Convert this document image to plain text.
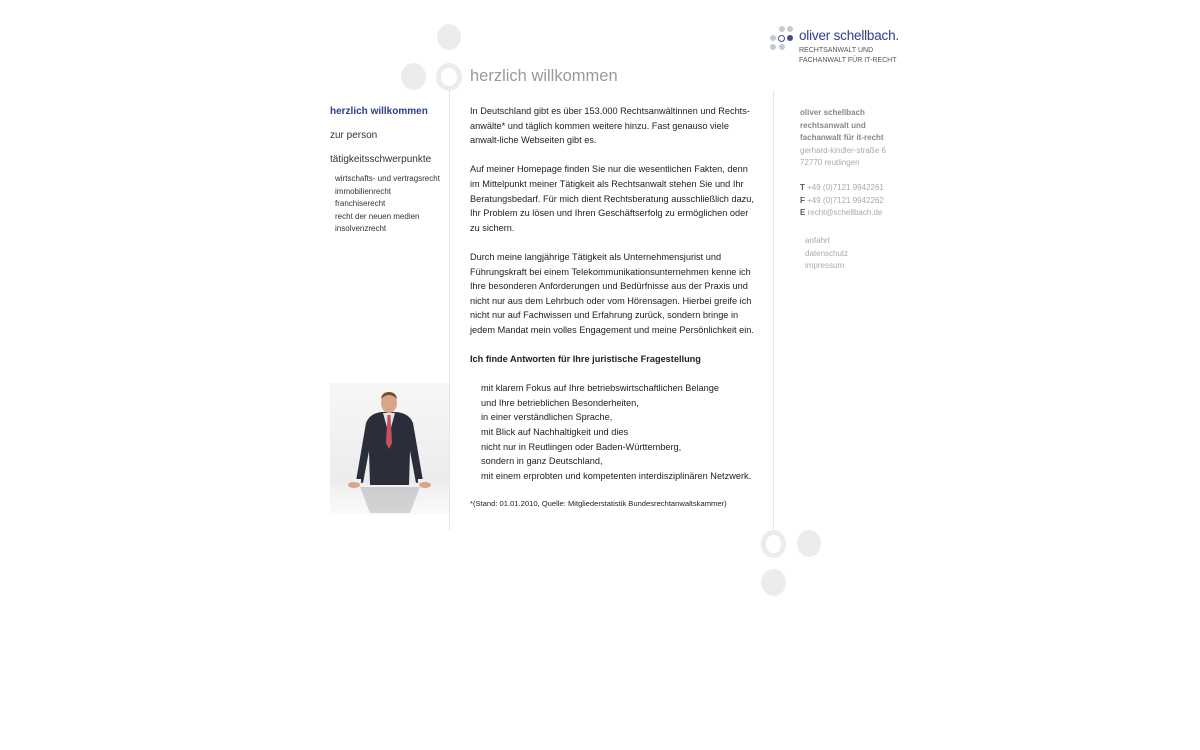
oliver schellbach.
RECHTSANWALT UND
FACHANWALT FÜR IT-RECHT
herzlich willkommen
herzlich willkommen
zur person
tätigkeitsschwerpunkte
wirtschafts- und vertragsrecht
immobilienrecht
franchiserecht
recht der neuen medien
insolvenzrecht

In Deutschland gibt es über 153.000 Rechtsanwältinnen und Rechts-anwälte* und täglich kommen weitere hinzu. Fast genauso viele anwalt-liche Webseiten gibt es.

Auf meiner Homepage finden Sie nur die wesentlichen Fakten, denn im Mittelpunkt meiner Tätigkeit als Rechtsanwalt stehen Sie und Ihr Beratungsbedarf. Für mich dient Rechtsberatung ausschließlich dazu, Ihr Problem zu lösen und Ihren Geschäftserfolg zu ermöglichen oder zu sichern.

Durch meine langjährige Tätigkeit als Unternehmensjurist und Führungskraft bei einem Telekommunikationsunternehmen kenne ich Ihre besonderen Anforderungen und Bedürfnisse aus der Praxis und nicht nur aus dem Lehrbuch oder vom Hörensagen. Hierbei greife ich nicht nur auf Fachwissen und Erfahrung zurück, sondern bringe in jedem Mandat mein volles Engagement und meine Persönlichkeit ein.

Ich finde Antworten für Ihre juristische Fragestellung

mit klarem Fokus auf Ihre betriebswirtschaftlichen Belange
und Ihre betrieblichen Besonderheiten,
in einer verständlichen Sprache,
mit Blick auf Nachhaltigkeit und dies
nicht nur in Reutlingen oder Baden-Württemberg,
sondern in ganz Deutschland,
mit einem erprobten und kompetenten interdisziplinären Netzwerk.
*(Stand: 01.01.2010, Quelle: Mitgliederstatistik Bundesrechtanwaltskammer)
oliver schellbach
rechtsanwalt und
fachanwalt für it-recht
gerhard-kindler-straße 6
72770 reutlingen
T +49 (0)7121 9942261
F +49 (0)7121 9942262
E recht@schellbach.de
anfahrt
datenschutz
impressum
